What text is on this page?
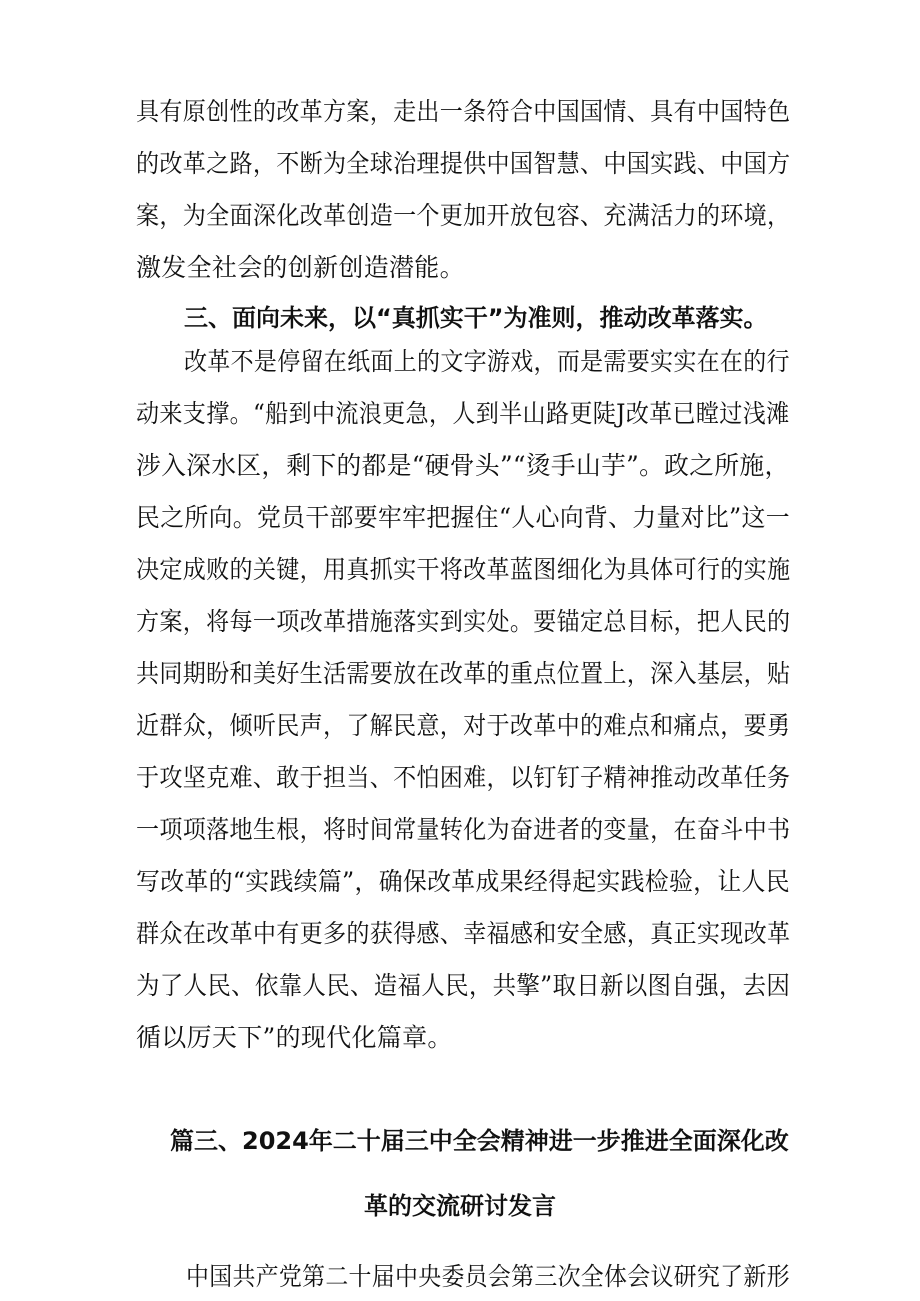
具有原创性的改革方案，走出一条符合中国国情、具有中国特色
的改革之路，不断为全球治理提供中国智慧、中国实践、中国方
案，为全面深化改革创造一个更加开放包容、充满活力的环境，
激发全社会的创新创造潜能。
三、面向未来，以“真抓实干”为准则，推动改革落实。
改革不是停留在纸面上的文字游戏，而是需要实实在在的行
动来支撑。“船到中流浪更急，人到半山路更陡J改革已瞠过浅滩
涉入深水区，剩下的都是“硬骨头”“烫手山芋”。政之所施，
民之所向。党员干部要牢牢把握住“人心向背、力量对比”这一
决定成败的关键，用真抓实干将改革蓝图细化为具体可行的实施
方案，将每一项改革措施落实到实处。要锚定总目标，把人民的
共同期盼和美好生活需要放在改革的重点位置上，深入基层，贴
近群众，倾听民声，了解民意，对于改革中的难点和痛点，要勇
于攻坚克难、敢于担当、不怕困难，以钉钉子精神推动改革任务
一项项落地生根，将时间常量转化为奋进者的变量，在奋斗中书
写改革的“实践续篇”，确保改革成果经得起实践检验，让人民
群众在改革中有更多的获得感、幸福感和安全感，真正实现改革
为了人民、依靠人民、造福人民，共擎”取日新以图自强，去因
循以厉天下”的现代化篇章。
篇三、2024年二十届三中全会精神进一步推进全面深化改
革的交流研讨发言
中国共产党第二十届中央委员会第三次全体会议研究了新形
